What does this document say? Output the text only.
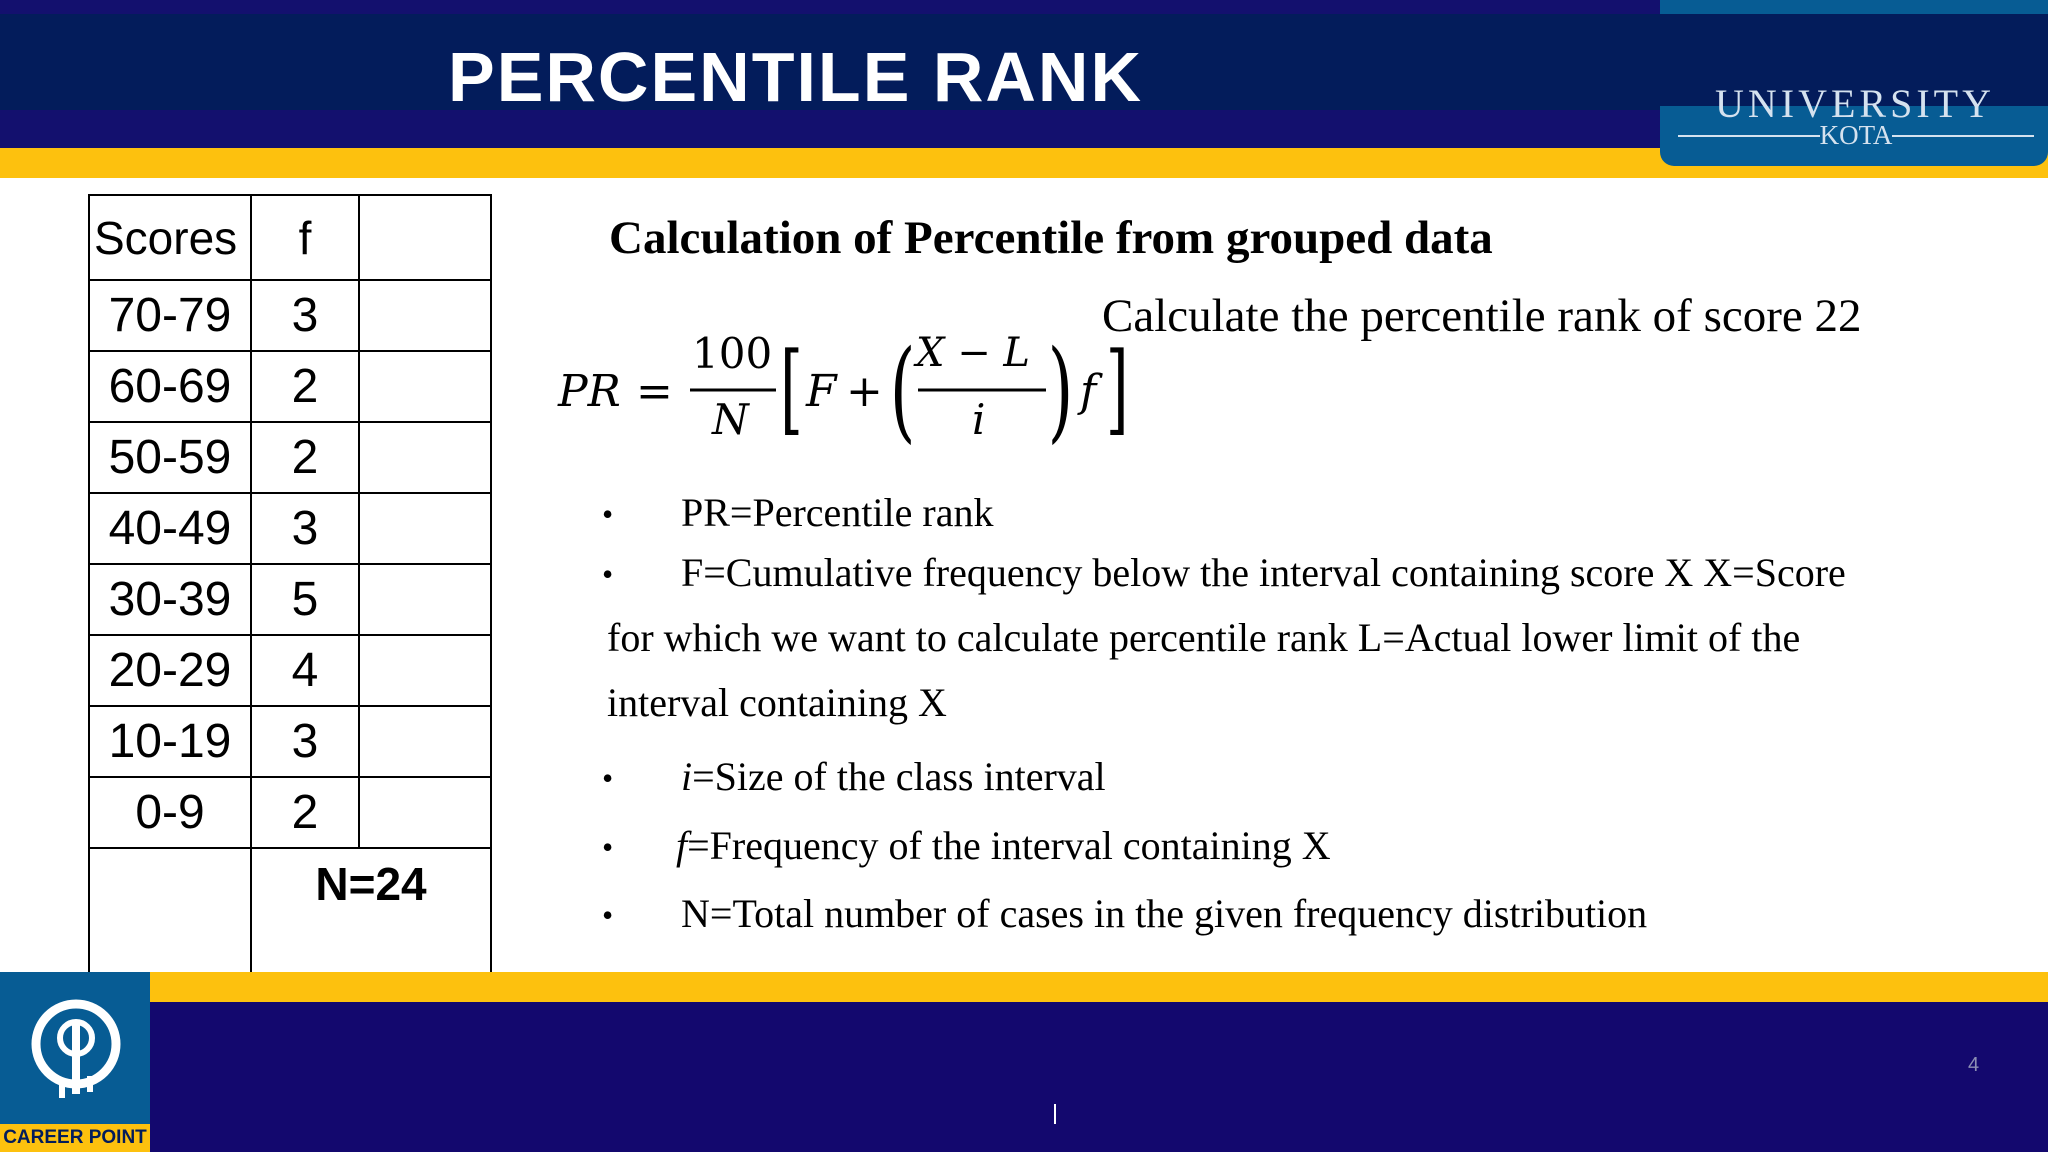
PERCENTILE RANK	UNIVERSITY
KOTA
Scores	f	
70-79	3	
60-69	2	
50-59	2	
40-49	3	
30-39	5	
20-29	4	
10-19	3	
0-9	2	
	N=24	
Calculation of Percentile from grouped data

Calculate the percentile rank of score 22

PR =
100
N [ F + ( X − L
i ) f ]
• PR=Percentile rank
• F=Cumulative frequency below the interval containing score X X=Score
for which we want to calculate percentile rank L=Actual lower limit of the
interval containing X
• i=Size of the class interval
• f=Frequency of the interval containing X
• N=Total number of cases in the given frequency distribution
CAREER POINT
4
